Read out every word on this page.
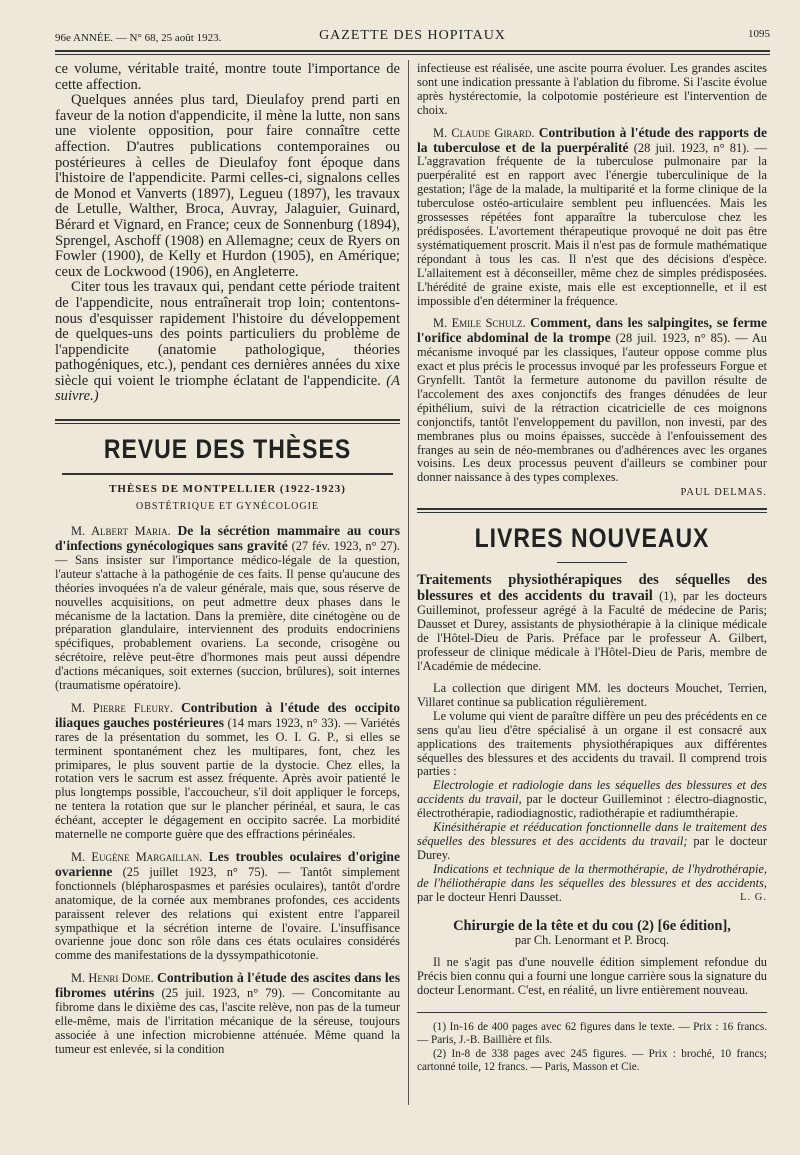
96e ANNÉE. — N° 68, 25 août 1923.	GAZETTE DES HOPITAUX	1095

ce volume, véritable traité, montre toute l'importance de cette affection.

Quelques années plus tard, Dieulafoy prend parti en faveur de la notion d'appendicite, il mène la lutte, non sans une violente opposition, pour faire connaître cette affection. D'autres publications contemporaines ou postérieures à celles de Dieulafoy font époque dans l'histoire de l'appendicite. Parmi celles-ci, signalons celles de Monod et Vanverts (1897), Legueu (1897), les travaux de Letulle, Walther, Broca, Auvray, Jalaguier, Guinard, Bérard et Vignard, en France; ceux de Sonnenburg (1894), Sprengel, Aschoff (1908) en Allemagne; ceux de Ryers on Fowler (1900), de Kelly et Hurdon (1905), en Amérique; ceux de Lockwood (1906), en Angleterre.

Citer tous les travaux qui, pendant cette période traitent de l'appendicite, nous entraînerait trop loin; contentons-nous d'esquisser rapidement l'histoire du développement de quelques-uns des points particuliers du problème de l'appendicite (anatomie pathologique, théories pathogéniques, etc.), pendant ces dernières années du xixe siècle qui voient le triomphe éclatant de l'appendicite. (A suivre.)

REVUE DES THÈSES
THÈSES DE MONTPELLIER (1922-1923)
OBSTÉTRIQUE ET GYNÉCOLOGIE

M. Albert Maria. De la sécrétion mammaire au cours d'infections gynécologiques sans gravité (27 fév. 1923, n° 27). — Sans insister sur l'importance médico-légale de la question, l'auteur s'attache à la pathogénie de ces faits. Il pense qu'aucune des théories invoquées n'a de valeur générale, mais que, sous réserve de nouvelles acquisitions, on peut admettre deux phases dans le mécanisme de la lactation. Dans la première, dite cinétogène ou de préparation glandulaire, interviennent des produits endocriniens spécifiques, probablement ovariens. La seconde, crisogène ou sécrétoire, relève peut-être d'hormones mais peut aussi dépendre d'actions mécaniques, soit externes (succion, brûlures), soit internes (traumatisme opératoire).

M. Pierre Fleury. Contribution à l'étude des occipito iliaques gauches postérieures (14 mars 1923, n° 33). — Variétés rares de la présentation du sommet, les O. I. G. P., si elles se terminent spontanément chez les multipares, font, chez les primipares, le plus souvent partie de la dystocie. Chez elles, la rotation vers le sacrum est assez fréquente. Après avoir patienté le plus longtemps possible, l'accoucheur, s'il doit appliquer le forceps, ne tentera la rotation que sur le plancher périnéal, et saura, le cas échéant, accepter le dégagement en occipito sacrée. La morbidité maternelle ne comporte guère que des effractions périnéales.

M. Eugène Margaillan. Les troubles oculaires d'origine ovarienne (25 juillet 1923, n° 75). — Tantôt simplement fonctionnels (blépharospasmes et parésies oculaires), tantôt d'ordre anatomique, de la cornée aux membranes profondes, ces accidents paraissent relever des relations qui existent entre l'appareil sympathique et la sécrétion interne de l'ovaire. L'insuffisance ovarienne joue donc son rôle dans ces états oculaires considérés comme des manifestations de la dyssympathicotonie.

M. Henri Dome. Contribution à l'étude des ascites dans les fibromes utérins (25 juil. 1923, n° 79). — Concomitante au fibrome dans le dixième des cas, l'ascite relève, non pas de la tumeur elle-même, mais de l'irritation mécanique de la séreuse, toujours associée à une infection microbienne atténuée. Même quand la tumeur est enlevée, si la condition

infectieuse est réalisée, une ascite pourra évoluer. Les grandes ascites sont une indication pressante à l'ablation du fibrome. Si l'ascite évolue après hystérectomie, la colpotomie postérieure est l'intervention de choix.

M. Claude Girard. Contribution à l'étude des rapports de la tuberculose et de la puerpéralité (28 juil. 1923, n° 81). — L'aggravation fréquente de la tuberculose pulmonaire par la puerpéralité est en rapport avec l'énergie tuberculinique de la gestation; l'âge de la malade, la multiparité et la forme clinique de la tuberculose ostéo-articulaire semblent peu influencées. Mais les grossesses répétées font apparaître la tuberculose chez les prédisposées. L'avortement thérapeutique provoqué ne doit pas être systématiquement proscrit. Mais il n'est pas de formule mathématique répondant à tous les cas. Il n'est que des décisions d'espèce. L'allaitement est à déconseiller, même chez de simples prédisposées. L'hérédité de graine existe, mais elle est exceptionnelle, et il est impossible d'en déterminer la fréquence.

M. Emile Schulz. Comment, dans les salpingites, se ferme l'orifice abdominal de la trompe (28 juil. 1923, n° 85). — Au mécanisme invoqué par les classiques, l'auteur oppose comme plus exact et plus précis le processus invoqué par les professeurs Forgue et Grynfellt. Tantôt la fermeture autonome du pavillon résulte de l'accolement des axes conjonctifs des franges dénudées de leur épithélium, suivi de la rétraction cicatricielle de ces moignons conjonctifs, tantôt l'enveloppement du pavillon, non investi, par des membranes plus ou moins épaisses, succède à l'enfouissement des franges au sein de néo-membranes ou d'adhérences avec les organes voisins. Les deux processus peuvent d'ailleurs se combiner pour donner naissance à des types complexes.

PAUL DELMAS.
LIVRES NOUVEAUX

Traitements physiothérapiques des séquelles des blessures et des accidents du travail (1), par les docteurs Guilleminot, professeur agrégé à la Faculté de médecine de Paris; Dausset et Durey, assistants de physiothérapie à la clinique médicale de l'Hôtel-Dieu de Paris. Préface par le professeur A. Gilbert, professeur de clinique médicale à l'Hôtel-Dieu de Paris, membre de l'Académie de médecine.

La collection que dirigent MM. les docteurs Mouchet, Terrien, Villaret continue sa publication régulièrement.

Le volume qui vient de paraître diffère un peu des précédents en ce sens qu'au lieu d'être spécialisé à un organe il est consacré aux applications des traitements physiothérapiques aux différentes séquelles des blessures et des accidents du travail. Il comprend trois parties :

Electrologie et radiologie dans les séquelles des blessures et des accidents du travail, par le docteur Guilleminot : électro-diagnostic, électrothérapie, radiodiagnostic, radiothérapie et radiumthérapie.

Kinésithérapie et rééducation fonctionnelle dans le traitement des séquelles des blessures et des accidents du travail; par le docteur Durey.

Indications et technique de la thermothérapie, de l'hydrothérapie, de l'héliothérapie dans les séquelles des blessures et des accidents, par le docteur Henri Dausset.	L. G.

Chirurgie de la tête et du cou (2) [6e édition],
par Ch. Lenormant et P. Brocq.

Il ne s'agit pas d'une nouvelle édition simplement refondue du Précis bien connu qui a fourni une longue carrière sous la signature du docteur Lenormant. C'est, en réalité, un livre entièrement nouveau.

(1) In-16 de 400 pages avec 62 figures dans le texte. — Prix : 16 francs. — Paris, J.-B. Baillière et fils.

(2) In-8 de 338 pages avec 245 figures. — Prix : broché, 10 francs; cartonné toile, 12 francs. — Paris, Masson et Cie.
